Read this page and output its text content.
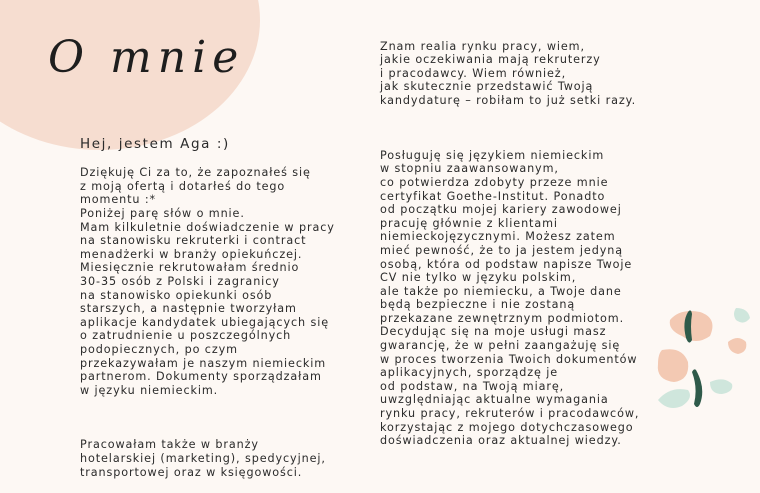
O mnie

Hej, jestem Aga :)

Dziękuję Ci za to, że zapoznałeś się
z moją ofertą i dotarłeś do tego
momentu :*
Poniżej parę słów o mnie.
Mam kilkuletnie doświadczenie w pracy
na stanowisku rekruterki i contract
menadżerki w branży opiekuńczej.
Miesięcznie rekrutowałam średnio
30-35 osób z Polski i zagranicy
na stanowisko opiekunki osób
starszych, a następnie tworzyłam
aplikacje kandydatek ubiegających się
o zatrudnienie u poszczególnych
podopiecznych, po czym
przekazywałam je naszym niemieckim
partnerom. Dokumenty sporządzałam
w języku niemieckim.

Pracowałam także w branży
hotelarskiej (marketing), spedycyjnej,
transportowej oraz w księgowości.

Znam realia rynku pracy, wiem,
jakie oczekiwania mają rekruterzy
i pracodawcy. Wiem również,
jak skutecznie przedstawić Twoją
kandydaturę – robiłam to już setki razy.

Posługuję się językiem niemieckim
w stopniu zaawansowanym,
co potwierdza zdobyty przeze mnie
certyfikat Goethe-Institut. Ponadto
od początku mojej kariery zawodowej
pracuję głównie z klientami
niemieckojęzycznymi. Możesz zatem
mieć pewność, że to ja jestem jedyną
osobą, która od podstaw napisze Twoje
CV nie tylko w języku polskim,
ale także po niemiecku, a Twoje dane
będą bezpieczne i nie zostaną
przekazane zewnętrznym podmiotom.
Decydując się na moje usługi masz
gwarancję, że w pełni zaangażuję się
w proces tworzenia Twoich dokumentów
aplikacyjnych, sporządzę je
od podstaw, na Twoją miarę,
uwzględniając aktualne wymagania
rynku pracy, rekruterów i pracodawców,
korzystając z mojego dotychczasowego
doświadczenia oraz aktualnej wiedzy.
